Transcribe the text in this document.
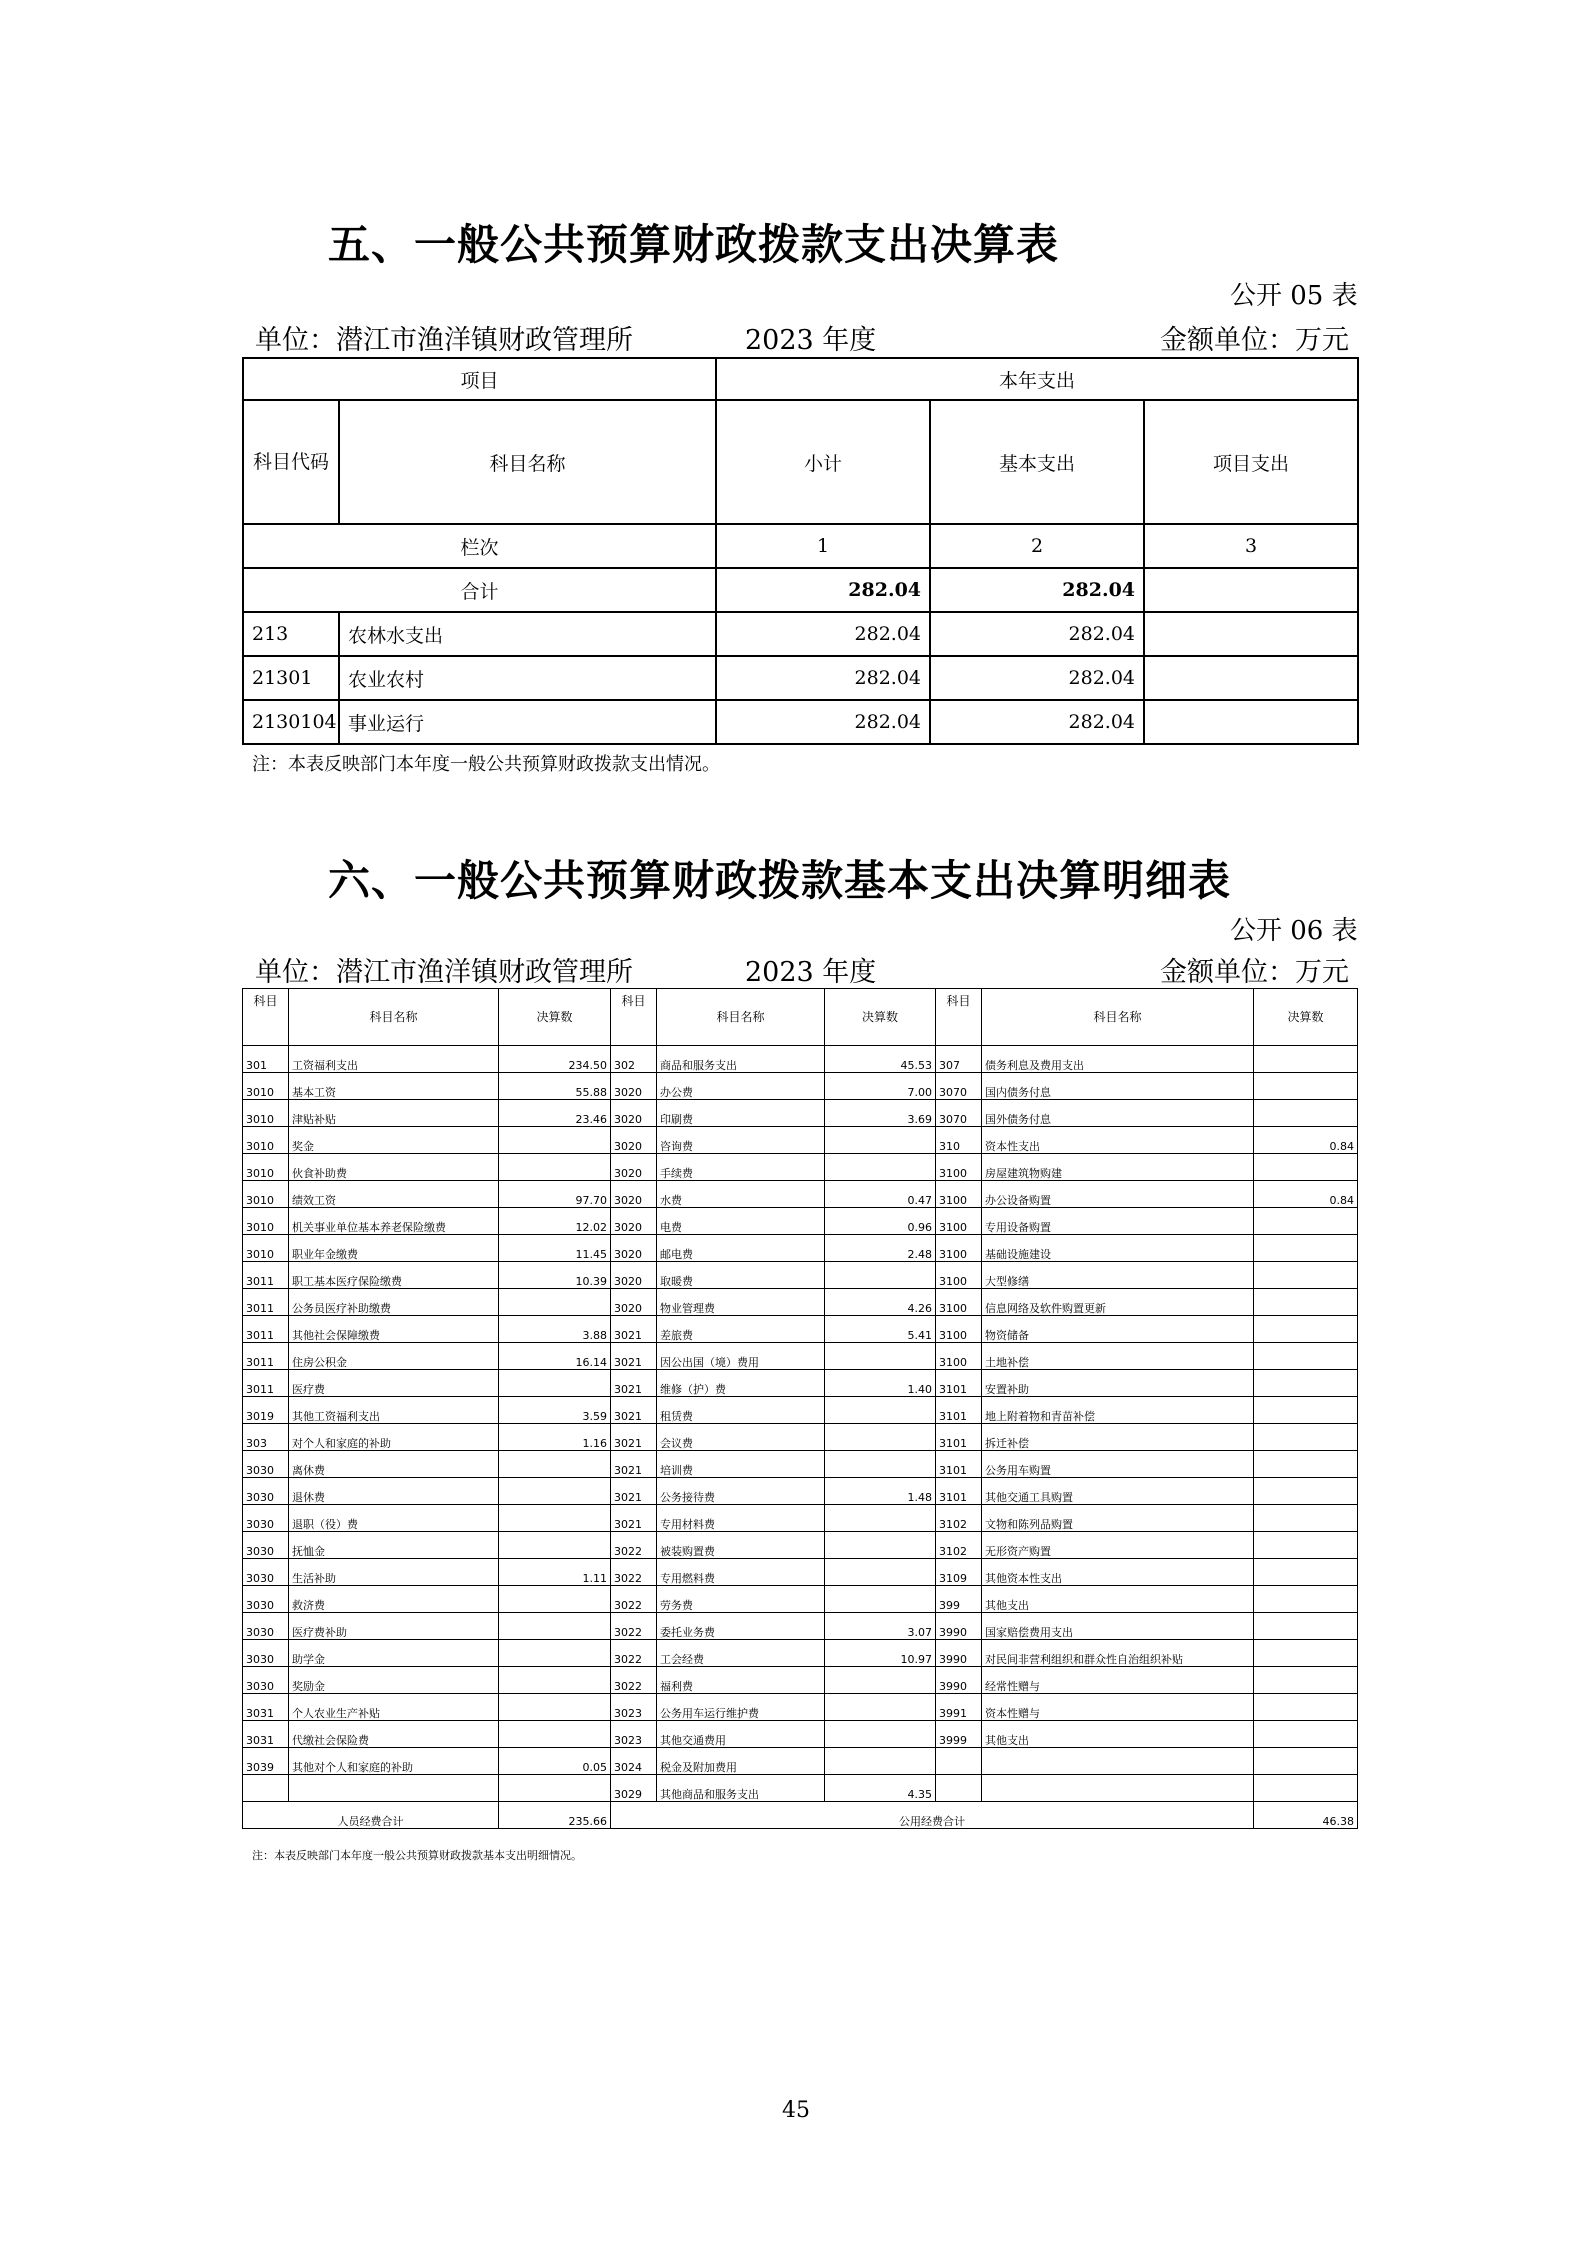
五、一般公共预算财政拨款支出决算表
公开 05 表
单位：潜江市渔洋镇财政管理所	2023 年度	金额单位：万元
项目		本年支出		
科目代码	科目名称	小计	基本支出	项目支出
栏次		1	2	3
合计		282.04	282.04	
213	农林水支出	282.04	282.04	
21301	农业农村	282.04	282.04	
2130104	事业运行	282.04	282.04	
注：本表反映部门本年度一般公共预算财政拨款支出情况。
六、一般公共预算财政拨款基本支出决算明细表
公开 06 表
单位：潜江市渔洋镇财政管理所	2023 年度	金额单位：万元
科目	科目名称	决算数	科目	科目名称	决算数	科目	科目名称	决算数
301	工资福利支出	234.50	302	商品和服务支出	45.53	307	债务利息及费用支出	
3010	基本工资	55.88	3020	办公费	7.00	3070	国内债务付息	
3010	津贴补贴	23.46	3020	印刷费	3.69	3070	国外债务付息	
3010	奖金		3020	咨询费		310	资本性支出	0.84
3010	伙食补助费		3020	手续费		3100	房屋建筑物购建	
3010	绩效工资	97.70	3020	水费	0.47	3100	办公设备购置	0.84
3010	机关事业单位基本养老保险缴费	12.02	3020	电费	0.96	3100	专用设备购置	
3010	职业年金缴费	11.45	3020	邮电费	2.48	3100	基础设施建设	
3011	职工基本医疗保险缴费	10.39	3020	取暖费		3100	大型修缮	
3011	公务员医疗补助缴费		3020	物业管理费	4.26	3100	信息网络及软件购置更新	
3011	其他社会保障缴费	3.88	3021	差旅费	5.41	3100	物资储备	
3011	住房公积金	16.14	3021	因公出国（境）费用		3100	土地补偿	
3011	医疗费		3021	维修（护）费	1.40	3101	安置补助	
3019	其他工资福利支出	3.59	3021	租赁费		3101	地上附着物和青苗补偿	
303	对个人和家庭的补助	1.16	3021	会议费		3101	拆迁补偿	
3030	离休费		3021	培训费		3101	公务用车购置	
3030	退休费		3021	公务接待费	1.48	3101	其他交通工具购置	
3030	退职（役）费		3021	专用材料费		3102	文物和陈列品购置	
3030	抚恤金		3022	被装购置费		3102	无形资产购置	
3030	生活补助	1.11	3022	专用燃料费		3109	其他资本性支出	
3030	救济费		3022	劳务费		399	其他支出	
3030	医疗费补助		3022	委托业务费	3.07	3990	国家赔偿费用支出	
3030	助学金		3022	工会经费	10.97	3990	对民间非营利组织和群众性自治组织补贴	
3030	奖励金		3022	福利费		3990	经常性赠与	
3031	个人农业生产补贴		3023	公务用车运行维护费		3991	资本性赠与	
3031	代缴社会保险费		3023	其他交通费用		3999	其他支出	
3039	其他对个人和家庭的补助	0.05	3024	税金及附加费用				
			3029	其他商品和服务支出	4.35			
人员经费合计		235.66	公用经费合计					46.38
注：本表反映部门本年度一般公共预算财政拨款基本支出明细情况。
45
